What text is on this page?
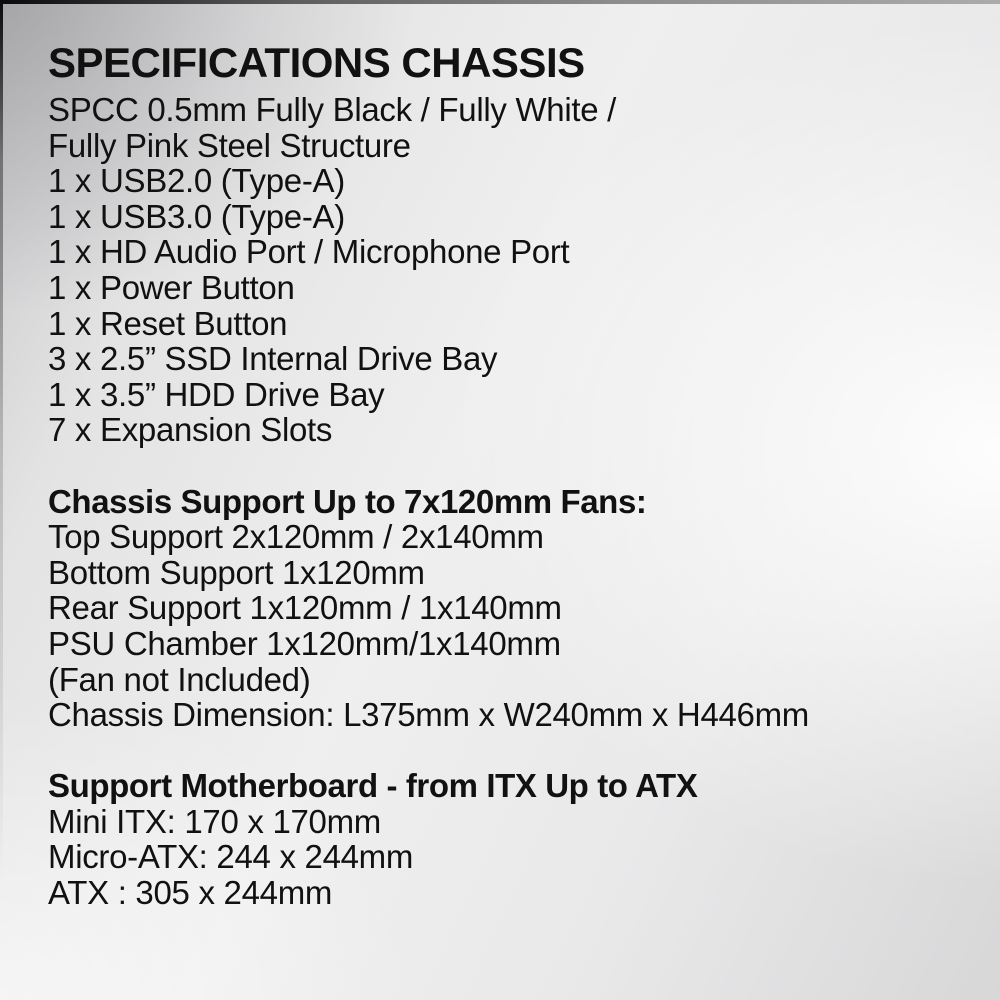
SPECIFICATIONS CHASSIS

SPCC 0.5mm Fully Black / Fully White /

Fully Pink Steel Structure

1 x USB2.0 (Type-A)

1 x USB3.0 (Type-A)

1 x HD Audio Port / Microphone Port

1 x Power Button

1 x Reset Button

3 x 2.5” SSD Internal Drive Bay

1 x 3.5” HDD Drive Bay

7 x Expansion Slots

Chassis Support Up to 7x120mm Fans:

Top Support 2x120mm / 2x140mm

Bottom Support 1x120mm

Rear Support 1x120mm / 1x140mm

PSU Chamber 1x120mm/1x140mm

(Fan not Included)

Chassis Dimension: L375mm x W240mm x H446mm

Support Motherboard - from ITX Up to ATX

Mini ITX: 170 x 170mm

Micro-ATX: 244 x 244mm

ATX : 305 x 244mm
